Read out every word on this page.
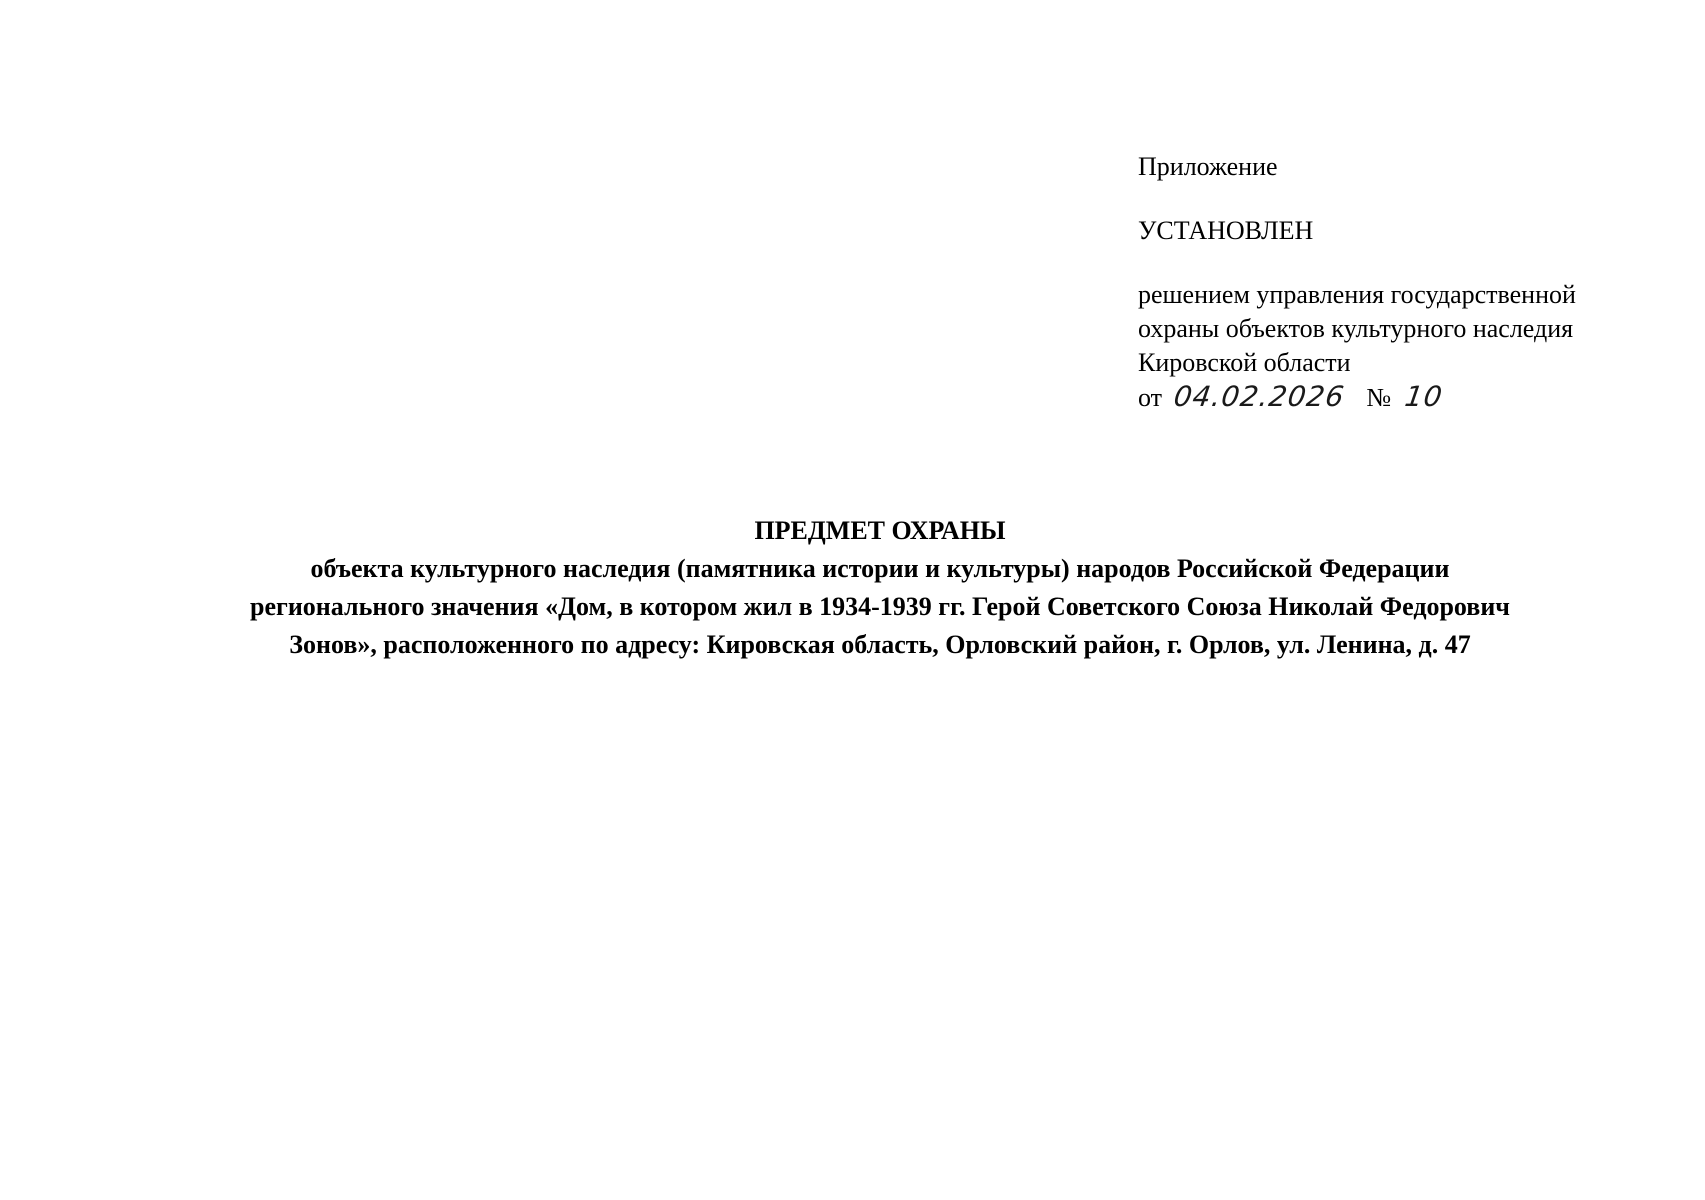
Приложение
УСТАНОВЛЕН
решением управления государственной
охраны объектов культурного наследия
Кировской области
от 04.02.2026 № 10
ПРЕДМЕТ ОХРАНЫ
объекта культурного наследия (памятника истории и культуры) народов Российской Федерации
регионального значения «Дом, в котором жил в 1934-1939 гг. Герой Советского Союза Николай Федорович
Зонов», расположенного по адресу: Кировская область, Орловский район, г. Орлов, ул. Ленина, д. 47
